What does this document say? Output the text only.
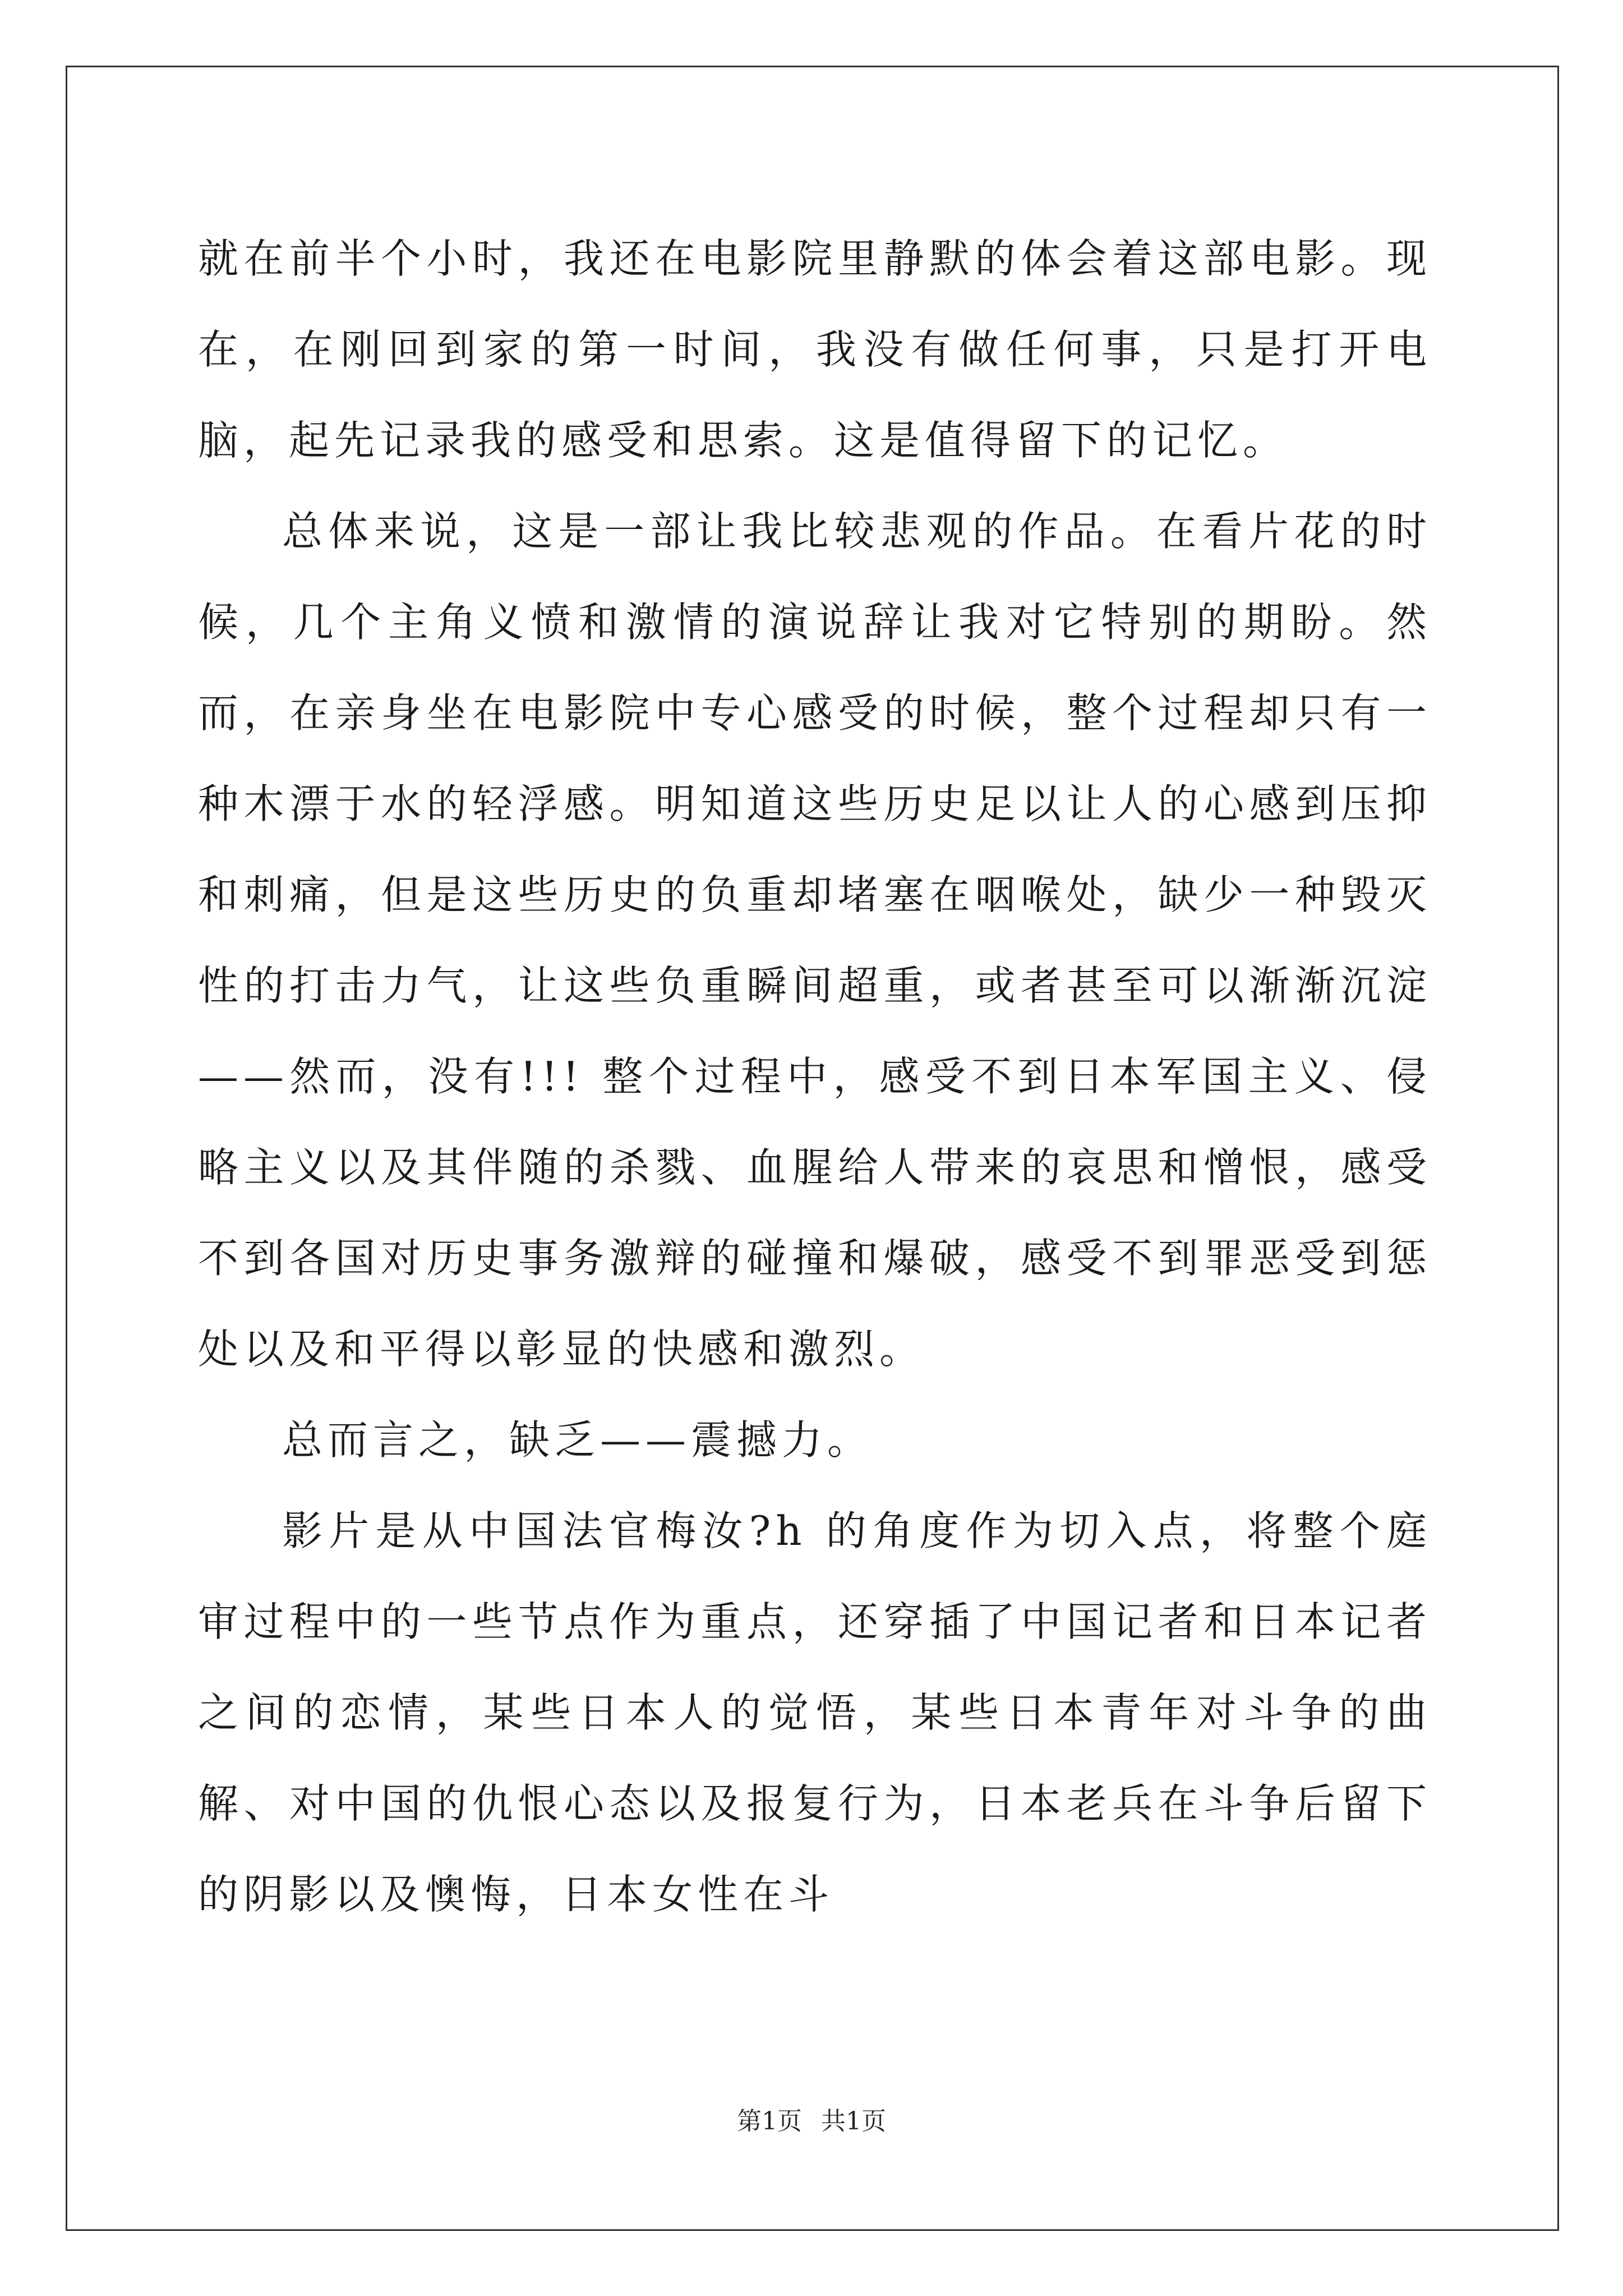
就在前半个小时，我还在电影院里静默的体会着这部电影。现在，在刚回到家的第一时间，我没有做任何事，只是打开电脑，起先记录我的感受和思索。这是值得留下的记忆。

总体来说，这是一部让我比较悲观的作品。在看片花的时候，几个主角义愤和激情的演说辞让我对它特别的期盼。然而，在亲身坐在电影院中专心感受的时候，整个过程却只有一种木漂于水的轻浮感。明知道这些历史足以让人的心感到压抑和刺痛，但是这些历史的负重却堵塞在咽喉处，缺少一种毁灭性的打击力气，让这些负重瞬间超重，或者甚至可以渐渐沉淀——然而，没有!!! 整个过程中，感受不到日本军国主义、侵略主义以及其伴随的杀戮、血腥给人带来的哀思和憎恨，感受不到各国对历史事务激辩的碰撞和爆破，感受不到罪恶受到惩处以及和平得以彰显的快感和激烈。

总而言之，缺乏——震撼力。

影片是从中国法官梅汝?h 的角度作为切入点，将整个庭审过程中的一些节点作为重点，还穿插了中国记者和日本记者之间的恋情，某些日本人的觉悟，某些日本青年对斗争的曲解、对中国的仇恨心态以及报复行为，日本老兵在斗争后留下的阴影以及懊悔，日本女性在斗

第1页 共1页
